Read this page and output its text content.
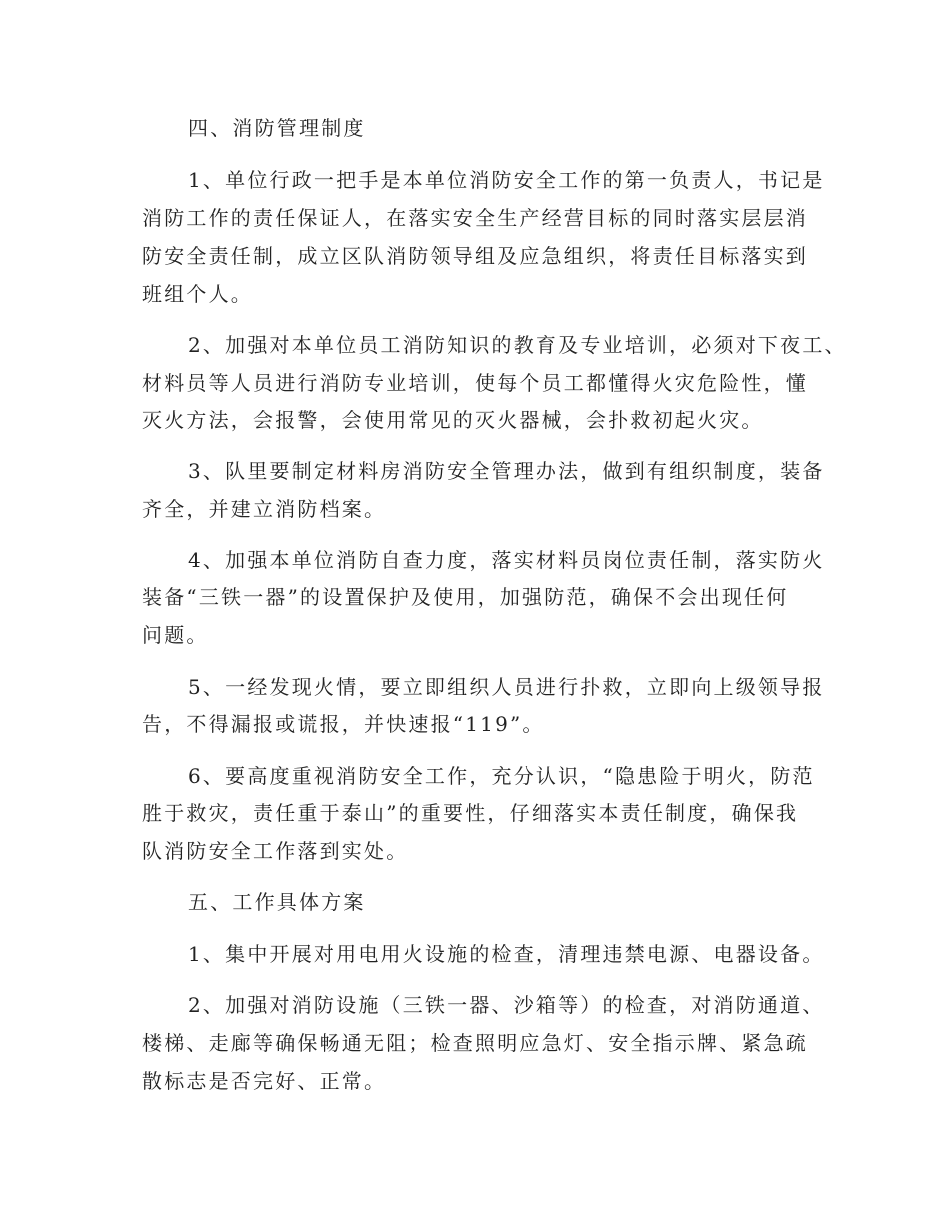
四、消防管理制度
1、单位行政一把手是本单位消防安全工作的第一负责人，书记是
消防工作的责任保证人，在落实安全生产经营目标的同时落实层层消
防安全责任制，成立区队消防领导组及应急组织，将责任目标落实到
班组个人。
2、加强对本单位员工消防知识的教育及专业培训，必须对下夜工、
材料员等人员进行消防专业培训，使每个员工都懂得火灾危险性，懂
灭火方法，会报警，会使用常见的灭火器械，会扑救初起火灾。
3、队里要制定材料房消防安全管理办法，做到有组织制度，装备
齐全，并建立消防档案。
4、加强本单位消防自查力度，落实材料员岗位责任制，落实防火
装备“三铁一器”的设置保护及使用，加强防范，确保不会出现任何
问题。
5、一经发现火情，要立即组织人员进行扑救，立即向上级领导报
告，不得漏报或谎报，并快速报“119”。
6、要高度重视消防安全工作，充分认识，“隐患险于明火，防范
胜于救灾，责任重于泰山”的重要性，仔细落实本责任制度，确保我
队消防安全工作落到实处。
五、工作具体方案
1、集中开展对用电用火设施的检查，清理违禁电源、电器设备。
2、加强对消防设施（三铁一器、沙箱等）的检查，对消防通道、
楼梯、走廊等确保畅通无阻；检查照明应急灯、安全指示牌、紧急疏
散标志是否完好、正常。
